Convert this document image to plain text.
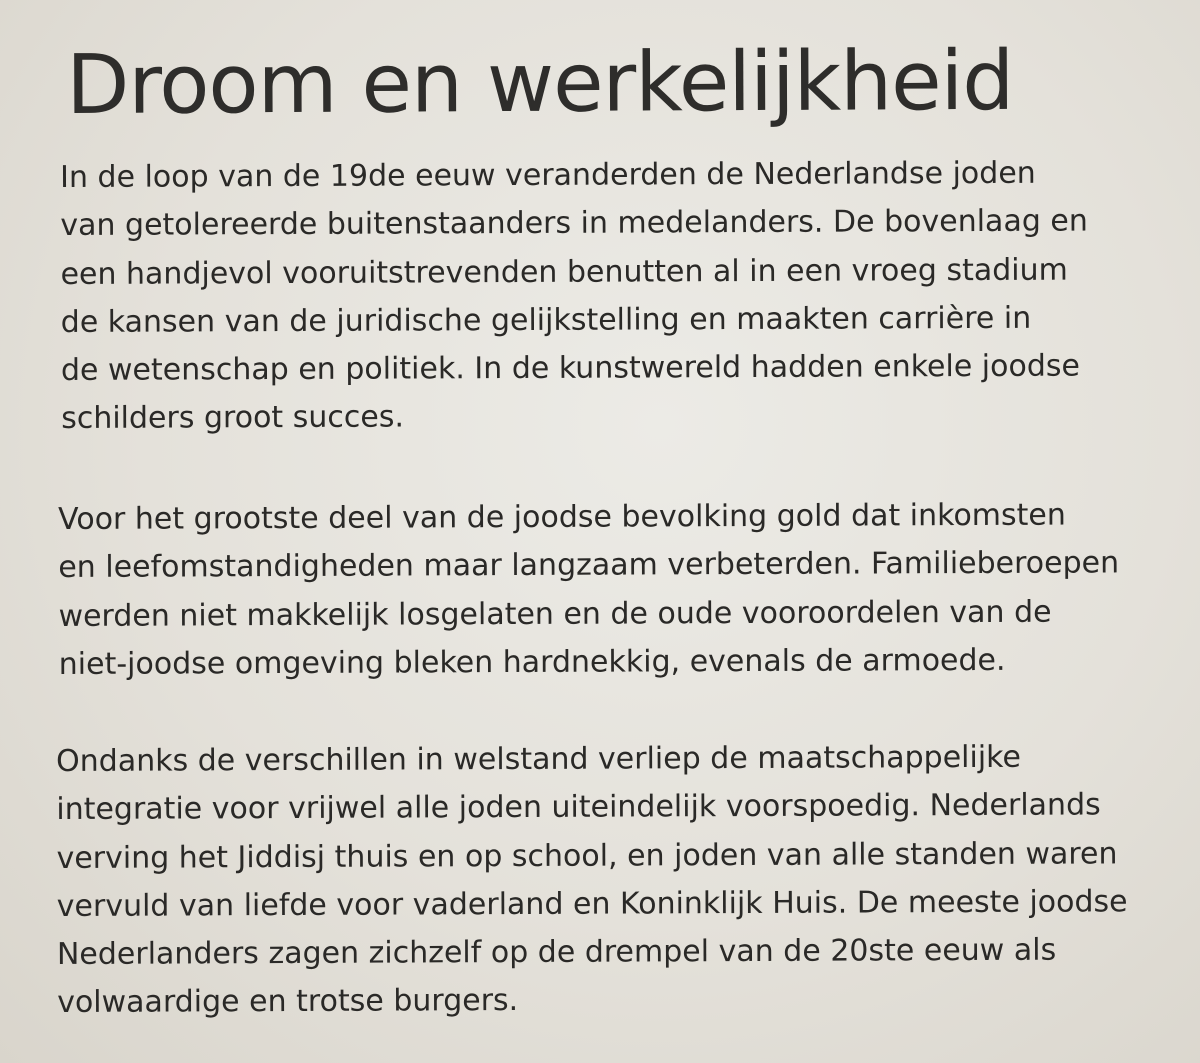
Droom en werkelijkheid

In de loop van de 19de eeuw veranderden de Nederlandse joden
van getolereerde buitenstaanders in medelanders. De bovenlaag en
een handjevol vooruitstrevenden benutten al in een vroeg stadium
de kansen van de juridische gelijkstelling en maakten carrière in
de wetenschap en politiek. In de kunstwereld hadden enkele joodse
schilders groot succes.

Voor het grootste deel van de joodse bevolking gold dat inkomsten
en leefomstandigheden maar langzaam verbeterden. Familieberoepen
werden niet makkelijk losgelaten en de oude vooroordelen van de
niet-joodse omgeving bleken hardnekkig, evenals de armoede.

Ondanks de verschillen in welstand verliep de maatschappelijke
integratie voor vrijwel alle joden uiteindelijk voorspoedig. Nederlands
verving het Jiddisj thuis en op school, en joden van alle standen waren
vervuld van liefde voor vaderland en Koninklijk Huis. De meeste joodse
Nederlanders zagen zichzelf op de drempel van de 20ste eeuw als
volwaardige en trotse burgers.
